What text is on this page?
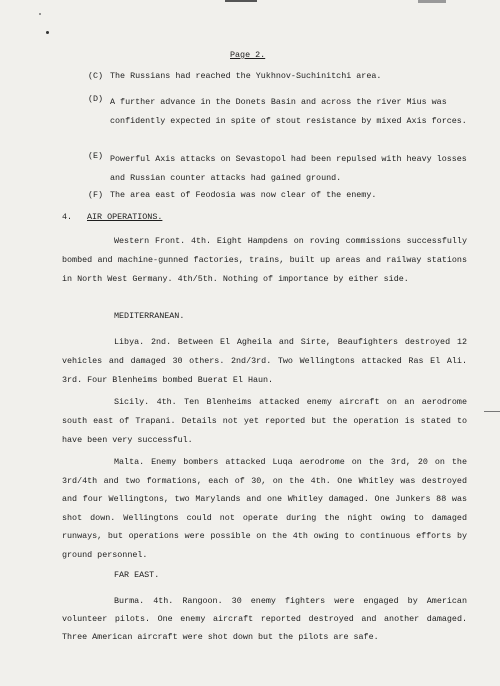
Page 2.
(C) The Russians had reached the Yukhnov-Suchinitchi area.
(D) A further advance in the Donets Basin and across the river Mius was confidently expected in spite of stout resistance by mixed Axis forces.
(E) Powerful Axis attacks on Sevastopol had been repulsed with heavy losses and Russian counter attacks had gained ground.
(F) The area east of Feodosia was now clear of the enemy.
4. AIR OPERATIONS.
Western Front. 4th. Eight Hampdens on roving commissions successfully bombed and machine-gunned factories, trains, built up areas and railway stations in North West Germany. 4th/5th. Nothing of importance by either side.
MEDITERRANEAN.
Libya. 2nd. Between El Agheila and Sirte, Beaufighters destroyed 12 vehicles and damaged 30 others. 2nd/3rd. Two Wellingtons attacked Ras El Ali. 3rd. Four Blenheims bombed Buerat El Haun.
Sicily. 4th. Ten Blenheims attacked enemy aircraft on an aerodrome south east of Trapani. Details not yet reported but the operation is stated to have been very successful.
Malta. Enemy bombers attacked Luqa aerodrome on the 3rd, 20 on the 3rd/4th and two formations, each of 30, on the 4th. One Whitley was destroyed and four Wellingtons, two Marylands and one Whitley damaged. One Junkers 88 was shot down. Wellingtons could not operate during the night owing to damaged runways, but operations were possible on the 4th owing to continuous efforts by ground personnel.
FAR EAST.
Burma. 4th. Rangoon. 30 enemy fighters were engaged by American volunteer pilots. One enemy aircraft reported destroyed and another damaged. Three American aircraft were shot down but the pilots are safe.
